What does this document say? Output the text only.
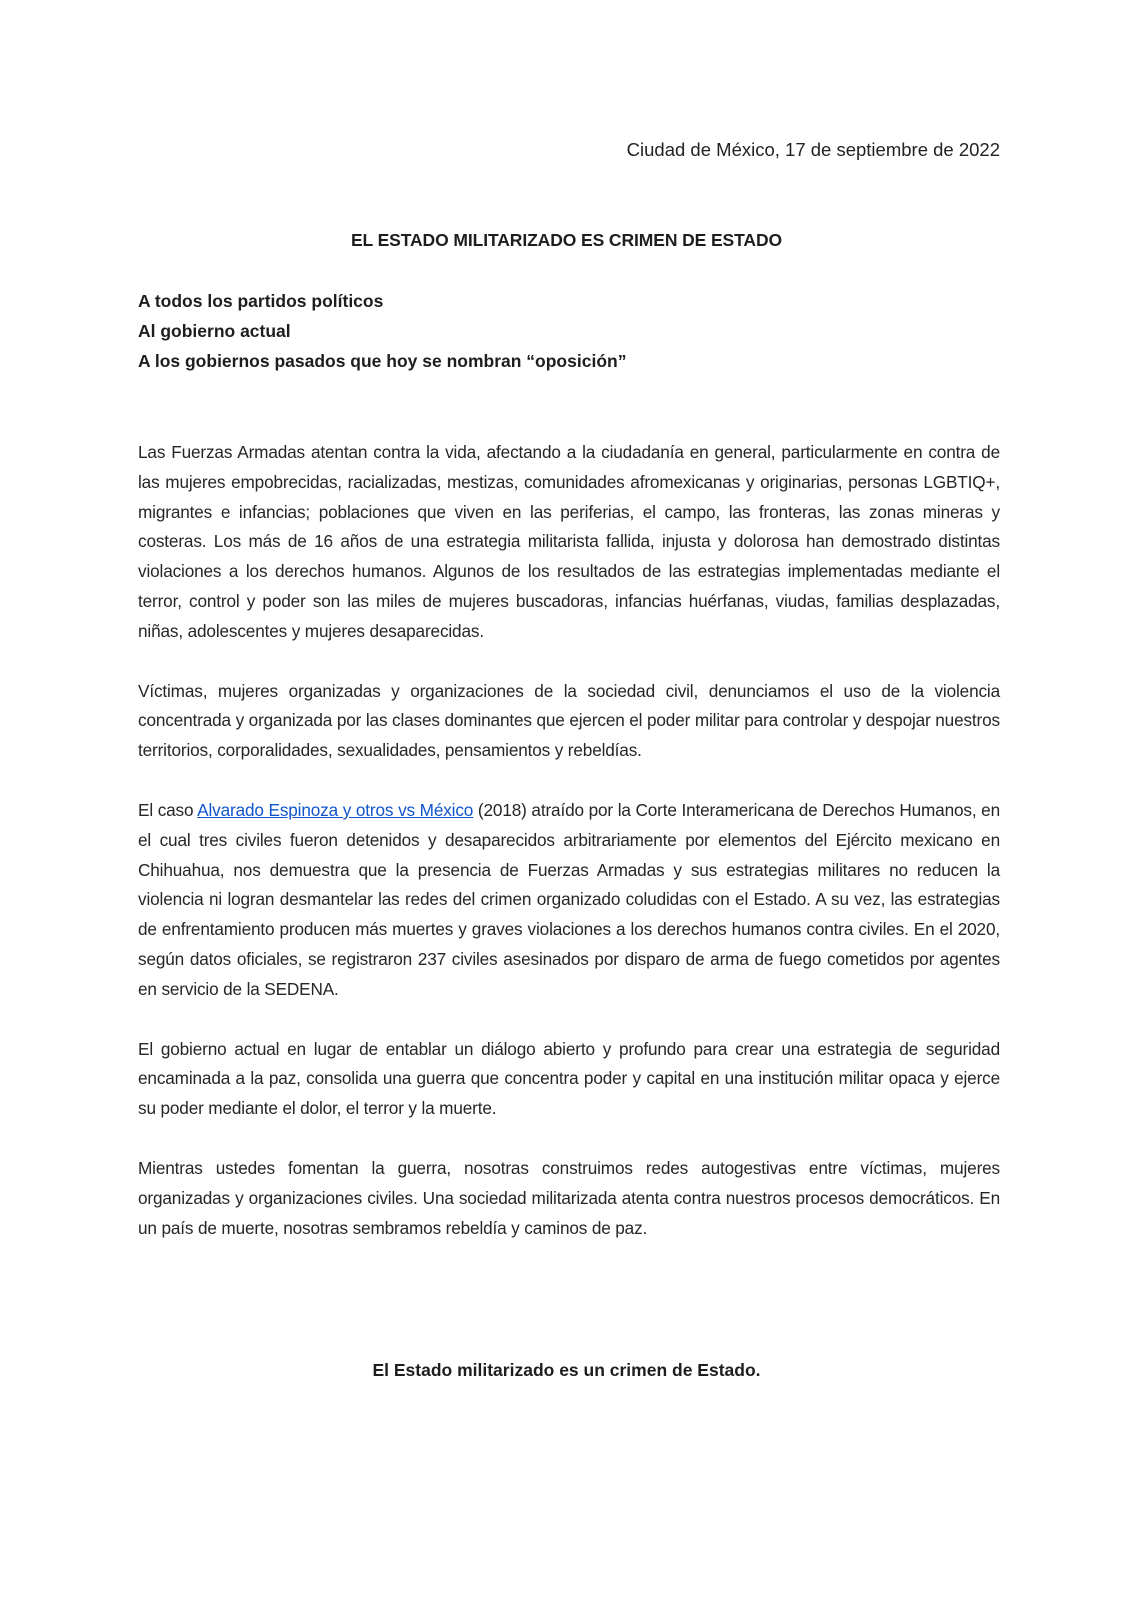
Ciudad de México, 17 de septiembre de 2022
EL ESTADO MILITARIZADO ES CRIMEN DE ESTADO
A todos los partidos políticos
Al gobierno actual
A los gobiernos pasados que hoy se nombran “oposición”

Las Fuerzas Armadas atentan contra la vida, afectando a la ciudadanía en general, particularmente en contra de las mujeres empobrecidas, racializadas, mestizas, comunidades afromexicanas y originarias, personas LGBTIQ+, migrantes e infancias; poblaciones que viven en las periferias, el campo, las fronteras, las zonas mineras y costeras. Los más de 16 años de una estrategia militarista fallida, injusta y dolorosa han demostrado distintas violaciones a los derechos humanos. Algunos de los resultados de las estrategias implementadas mediante el terror, control y poder son las miles de mujeres buscadoras, infancias huérfanas, viudas, familias desplazadas, niñas, adolescentes y mujeres desaparecidas.

Víctimas, mujeres organizadas y organizaciones de la sociedad civil, denunciamos el uso de la violencia concentrada y organizada por las clases dominantes que ejercen el poder militar para controlar y despojar nuestros territorios, corporalidades, sexualidades, pensamientos y rebeldías.

El caso Alvarado Espinoza y otros vs México (2018) atraído por la Corte Interamericana de Derechos Humanos, en el cual tres civiles fueron detenidos y desaparecidos arbitrariamente por elementos del Ejército mexicano en Chihuahua, nos demuestra que la presencia de Fuerzas Armadas y sus estrategias militares no reducen la violencia ni logran desmantelar las redes del crimen organizado coludidas con el Estado. A su vez, las estrategias de enfrentamiento producen más muertes y graves violaciones a los derechos humanos contra civiles. En el 2020, según datos oficiales, se registraron 237 civiles asesinados por disparo de arma de fuego cometidos por agentes en servicio de la SEDENA.

El gobierno actual en lugar de entablar un diálogo abierto y profundo para crear una estrategia de seguridad encaminada a la paz, consolida una guerra que concentra poder y capital en una institución militar opaca y ejerce su poder mediante el dolor, el terror y la muerte.

Mientras ustedes fomentan la guerra, nosotras construimos redes autogestivas entre víctimas, mujeres organizadas y organizaciones civiles. Una sociedad militarizada atenta contra nuestros procesos democráticos. En un país de muerte, nosotras sembramos rebeldía y caminos de paz.

El Estado militarizado es un crimen de Estado.
